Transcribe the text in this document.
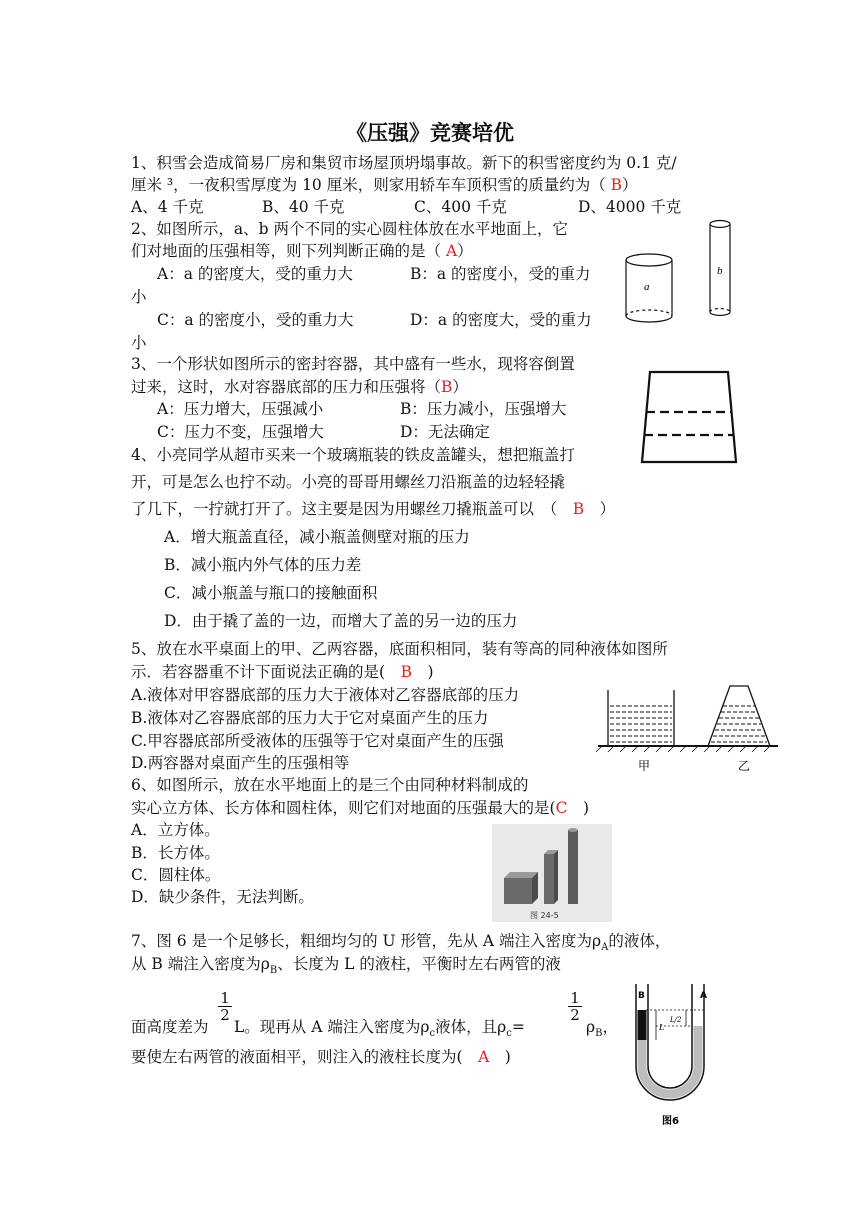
《压强》竞赛培优
1、积雪会造成简易厂房和集贸市场屋顶坍塌事故。新下的积雪密度约为 0.1 克/
厘米 ³，一夜积雪厚度为 10 厘米，则家用轿车车顶积雪的质量约为（ B）
A、4 千克	B、40 千克	C、400 千克	D、4000 千克
2、如图所示，a、b 两个不同的实心圆柱体放在水平地面上，它
们对地面的压强相等，则下列判断正确的是（ A）
A：a 的密度大，受的重力大	B：a 的密度小，受的重力
小
C：a 的密度小，受的重力大	D：a 的密度大，受的重力
小
a
b
3、一个形状如图所示的密封容器，其中盛有一些水，现将容倒置
过来，这时，水对容器底部的压力和压强将（B）
A：压力增大，压强减小	B：压力减小，压强增大
C：压力不变，压强增大	D：无法确定
4、小亮同学从超市买来一个玻璃瓶装的铁皮盖罐头，想把瓶盖打
开，可是怎么也拧不动。小亮的哥哥用螺丝刀沿瓶盖的边轻轻撬
了几下，一拧就打开了。这主要是因为用螺丝刀撬瓶盖可以　（　B　）
A．增大瓶盖直径，减小瓶盖侧壁对瓶的压力
B．减小瓶内外气体的压力差
C．减小瓶盖与瓶口的接触面积
D．由于撬了盖的一边，而增大了盖的另一边的压力
5、放在水平桌面上的甲、乙两容器，底面积相同，装有等高的同种液体如图所
示．若容器重不计下面说法正确的是(　B　)
A.液体对甲容器底部的压力大于液体对乙容器底部的压力
B.液体对乙容器底部的压力大于它对桌面产生的压力
C.甲容器底部所受液体的压强等于它对桌面产生的压强
D.两容器对桌面产生的压强相等	甲	乙
6、如图所示，放在水平地面上的是三个由同种材料制成的
实心立方体、长方体和圆柱体，则它们对地面的压强最大的是(C　)
A．立方体。
B．长方体。
C．圆柱体。
D．缺少条件，无法判断。
图 24-5
7、图 6 是一个足够长，粗细均匀的 U 形管，先从 A 端注入密度为$\rho_A$的液体，
从 B 端注入密度为$\rho_B$、长度为 L 的液柱，平衡时左右两管的液
面高度差为
$\frac{1}{2}$
L。现再从 A 端注入密度为$\rho_c$液体，且$\rho_c=$
$\frac{1}{2}$
$\rho_B$，
要使左右两管的液面相平，则注入的液柱长度为(　A　)
B	A
L
L/2
图6
